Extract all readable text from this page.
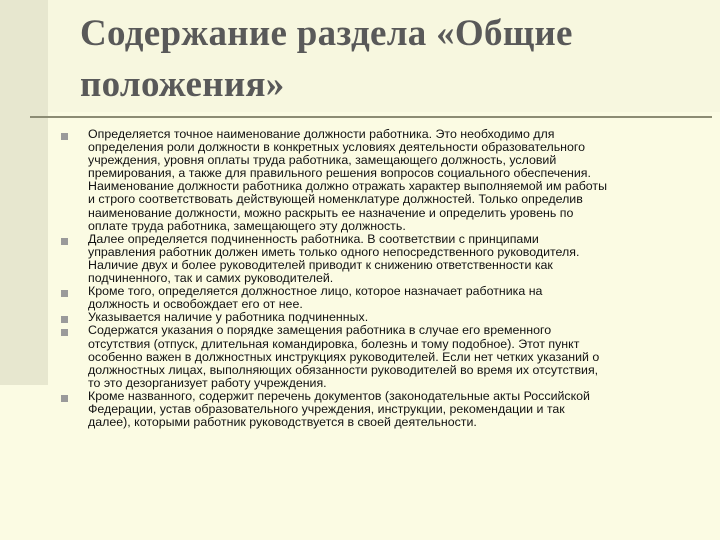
Содержание раздела «Общие положения»
Определяется точное наименование должности работника. Это необходимо для
определения роли должности в конкретных условиях деятельности образовательного
учреждения, уровня оплаты труда работника, замещающего должность, условий
премирования, а также для правильного решения вопросов социального обеспечения.
Наименование должности работника должно отражать характер выполняемой им работы
и строго соответствовать действующей номенклатуре должностей. Только определив
наименование должности, можно раскрыть ее назначение и определить уровень по
оплате труда работника, замещающего эту должность.
Далее определяется подчиненность работника. В соответствии с принципами
управления работник должен иметь только одного непосредственного руководителя.
Наличие двух и более руководителей приводит к снижению ответственности как
подчиненного, так и самих руководителей.
Кроме того, определяется должностное лицо, которое назначает работника на
должность и освобождает его от нее.
Указывается наличие у работника подчиненных.
Содержатся указания о порядке замещения работника в случае его временного
отсутствия (отпуск, длительная командировка, болезнь и тому подобное). Этот пункт
особенно важен в должностных инструкциях руководителей. Если нет четких указаний о
должностных лицах, выполняющих обязанности руководителей во время их отсутствия,
то это дезорганизует работу учреждения.
Кроме названного, содержит перечень документов (законодательные акты Российской
Федерации, устав образовательного учреждения, инструкции, рекомендации и так
далее), которыми работник руководствуется в своей деятельности.
